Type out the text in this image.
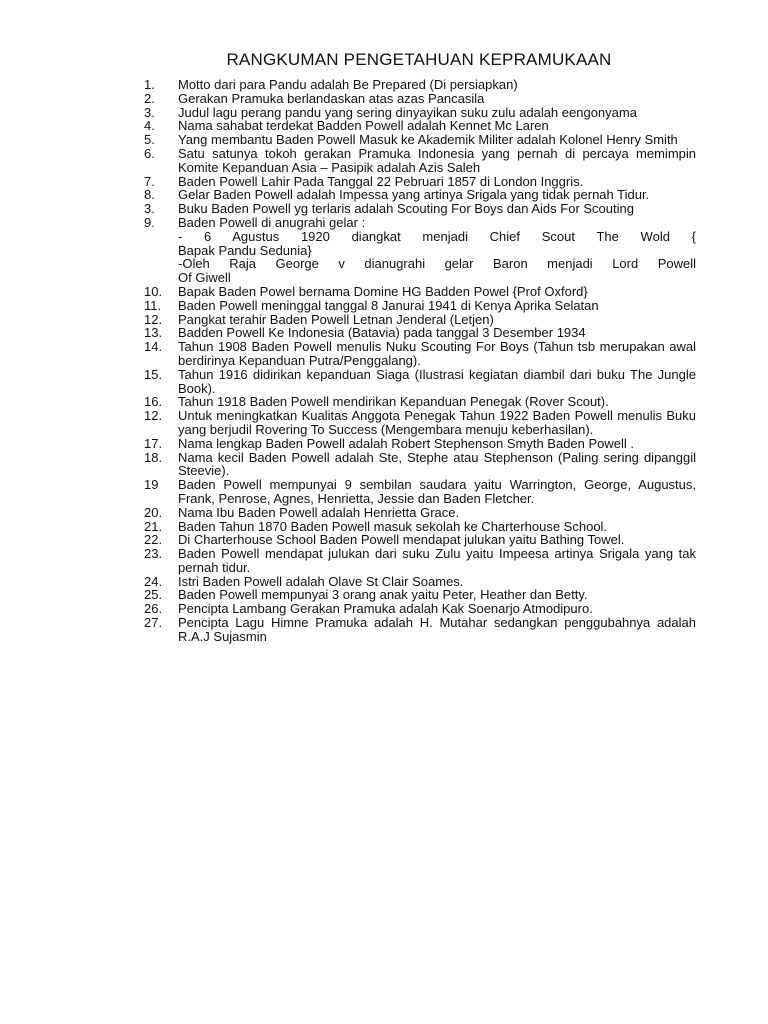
RANGKUMAN PENGETAHUAN KEPRAMUKAAN
1. Motto dari para Pandu adalah Be Prepared (Di persiapkan)
2. Gerakan Pramuka berlandaskan atas azas Pancasila
3. Judul lagu perang pandu yang sering dinyayikan suku zulu adalah eengonyama
4. Nama sahabat terdekat Badden Powell adalah Kennet Mc Laren
5. Yang membantu Baden Powell Masuk ke Akademik Militer adalah Kolonel Henry Smith
6. Satu satunya tokoh gerakan Pramuka Indonesia yang pernah di percaya memimpin Komite Kepanduan Asia – Pasipik adalah Azis Saleh
7. Baden Powell Lahir Pada Tanggal 22 Pebruari 1857 di London Inggris.
8. Gelar Baden Powell adalah Impessa yang artinya Srigala yang tidak pernah Tidur.
3. Buku Baden Powell yg terlaris adalah Scouting For Boys dan Aids For Scouting
9. Baden Powell di anugrahi gelar :
- 6 Agustus 1920 diangkat menjadi Chief Scout The Wold {
Bapak Pandu Sedunia}
-Oleh Raja George v dianugrahi gelar Baron menjadi Lord Powell
Of Giwell
10. Bapak Baden Powel bernama Domine HG Badden Powel {Prof Oxford}
11. Baden Powell meninggal tanggal 8 Janurai 1941 di Kenya Aprika Selatan
12. Pangkat terahir Baden Powell Letnan Jenderal (Letjen)
13. Badden Powell Ke Indonesia (Batavia) pada tanggal 3 Desember 1934
14. Tahun 1908 Baden Powell menulis Nuku Scouting For Boys (Tahun tsb merupakan awal berdirinya Kepanduan Putra/Penggalang).
15. Tahun 1916 didirikan kepanduan Siaga (Ilustrasi kegiatan diambil dari buku The Jungle Book).
16. Tahun 1918 Baden Powell mendirikan Kepanduan Penegak (Rover Scout).
12. Untuk meningkatkan Kualitas Anggota Penegak Tahun 1922 Baden Powell menulis Buku yang berjudil Rovering To Success (Mengembara menuju keberhasilan).
17. Nama lengkap Baden Powell adalah Robert Stephenson Smyth Baden Powell .
18. Nama kecil Baden Powell adalah Ste, Stephe atau Stephenson (Paling sering dipanggil Steevie).
19 Baden Powell mempunyai 9 sembilan saudara yaitu Warrington, George, Augustus, Frank, Penrose, Agnes, Henrietta, Jessie dan Baden Fletcher.
20. Nama Ibu Baden Powell adalah Henrietta Grace.
21. Baden Tahun 1870 Baden Powell masuk sekolah ke Charterhouse School.
22. Di Charterhouse School Baden Powell mendapat julukan yaitu Bathing Towel.
23. Baden Powell mendapat julukan dari suku Zulu yaitu Impeesa artinya Srigala yang tak pernah tidur.
24. Istri Baden Powell adalah Olave St Clair Soames.
25. Baden Powell mempunyai 3 orang anak yaitu Peter, Heather dan Betty.
26. Pencipta Lambang Gerakan Pramuka adalah Kak Soenarjo Atmodipuro.
27. Pencipta Lagu Himne Pramuka adalah H. Mutahar sedangkan penggubahnya adalah R.A.J Sujasmin
